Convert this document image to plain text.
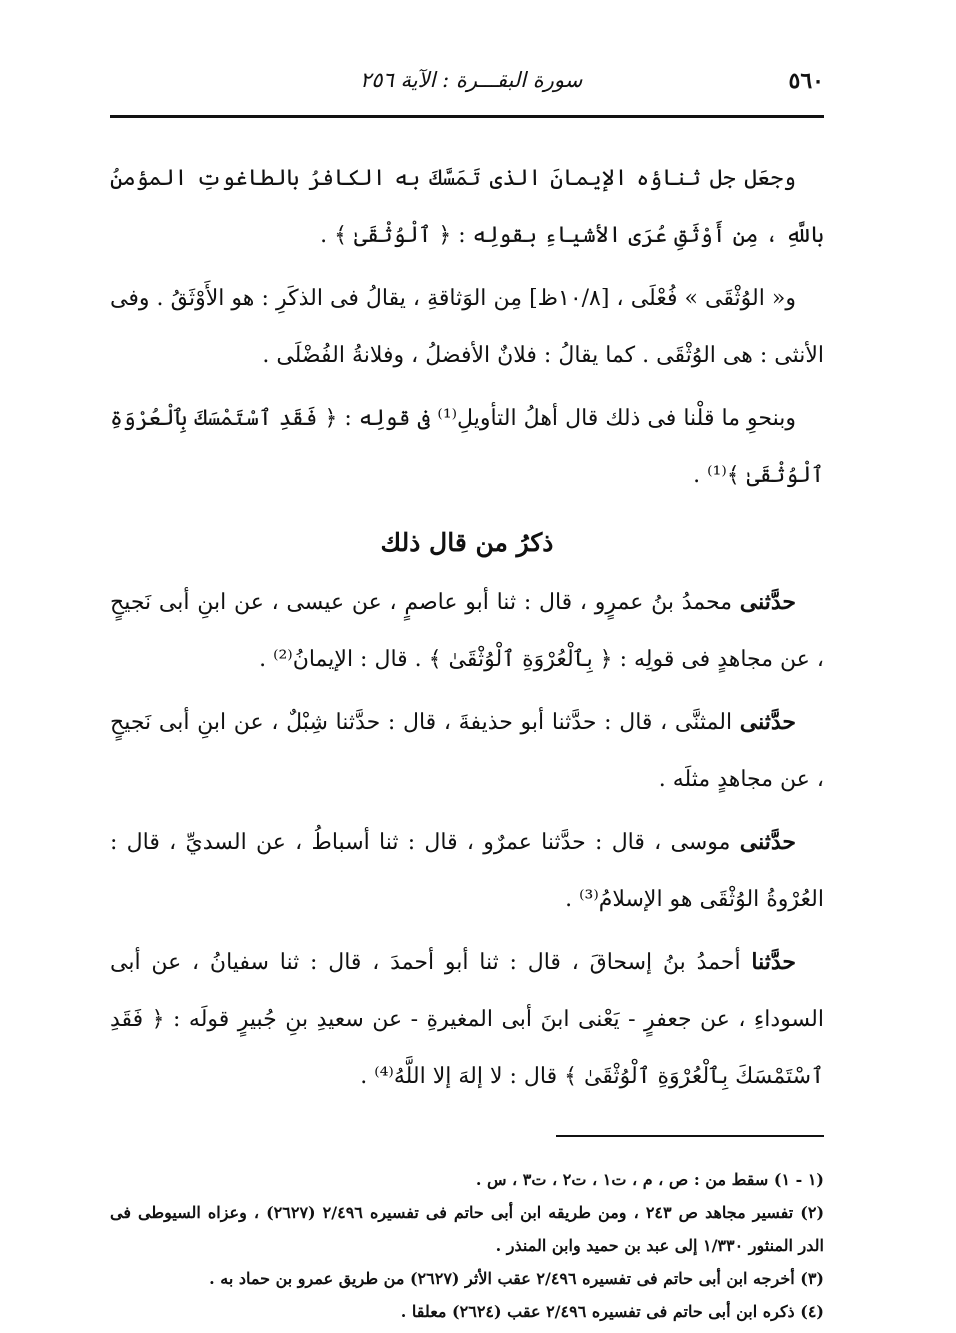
٥٦٠
سورة البقـــرة : الآية ٢٥٦

وجعَل جل ثناؤه الإيمانَ الذى تَمَسَّكَ به الكافرُ بالطاغوتِ المؤمنُ باللَّهِ ، مِن أَوْثَقِ عُرَى الأشياءِ بقولِه : ﴿ ٱلْوُثْقَىٰ ﴾ .

و« الوُثْقَى » فُعْلَى ، [١٠/٨ظ] مِن الوَثاقةِ ، يقالُ فى الذكَرِ : هو الأَوْثَقُ . وفى الأنثى : هى الوُثْقَى . كما يقالُ : فلانٌ الأفضلُ ، وفلانةُ الفُضْلَى .

وبنحوِ ما قلْنا فى ذلك قال أهلُ التأويلِ⁽¹⁾ فى قولِه : ﴿ فَقَدِ ٱسْتَمْسَكَ بِٱلْعُرْوَةِ ٱلْوُثْقَىٰ ﴾⁽¹⁾ .

ذكرُ من قال ذلك

حدَّثنى محمدُ بنُ عمرٍو ، قال : ثنا أبو عاصمٍ ، عن عيسى ، عن ابنِ أبى نَجيحٍ ، عن مجاهدٍ فى قولِه : ﴿ بِٱلْعُرْوَةِ ٱلْوُثْقَىٰ ﴾ . قال : الإيمانُ⁽²⁾ .

حدَّثنى المثنَّى ، قال : حدَّثنا أبو حذيفةَ ، قال : حدَّثنا شِبْلٌ ، عن ابنِ أبى نَجيحٍ ، عن مجاهدٍ مثلَه .

حدَّثنى موسى ، قال : حدَّثنا عمرٌو ، قال : ثنا أسباطُ ، عن السديِّ ، قال : العُرْوةُ الوُثْقَى هو الإسلامُ⁽³⁾ .

حدَّثنا أحمدُ بنُ إسحاقَ ، قال : ثنا أبو أحمدَ ، قال : ثنا سفيانُ ، عن أبى السوداءِ ، عن جعفرٍ - يَعْنى ابنَ أبى المغيرةِ - عن سعيدِ بنِ جُبيرٍ قولَه : ﴿ فَقَدِ ٱسْتَمْسَكَ بِٱلْعُرْوَةِ ٱلْوُثْقَىٰ ﴾ قال : لا إلهَ إلا اللَّهُ⁽⁴⁾ .

(١ - ١) سقط من : ص ، م ، ت١ ، ت٢ ، ت٣ ، س .

(٢) تفسير مجاهد ص ٢٤٣ ، ومن طريقه ابن أبى حاتم فى تفسيره ٢/٤٩٦ (٢٦٢٧) ، وعزاه السيوطى فى الدر المنثور ١/٣٣٠ إلى عبد بن حميد وابن المنذر .

(٣) أخرجه ابن أبى حاتم فى تفسيره ٢/٤٩٦ عقب الأثر (٢٦٢٧) من طريق عمرو بن حماد به .

(٤) ذكره ابن أبى حاتم فى تفسيره ٢/٤٩٦ عقب (٢٦٢٤) معلقا .
